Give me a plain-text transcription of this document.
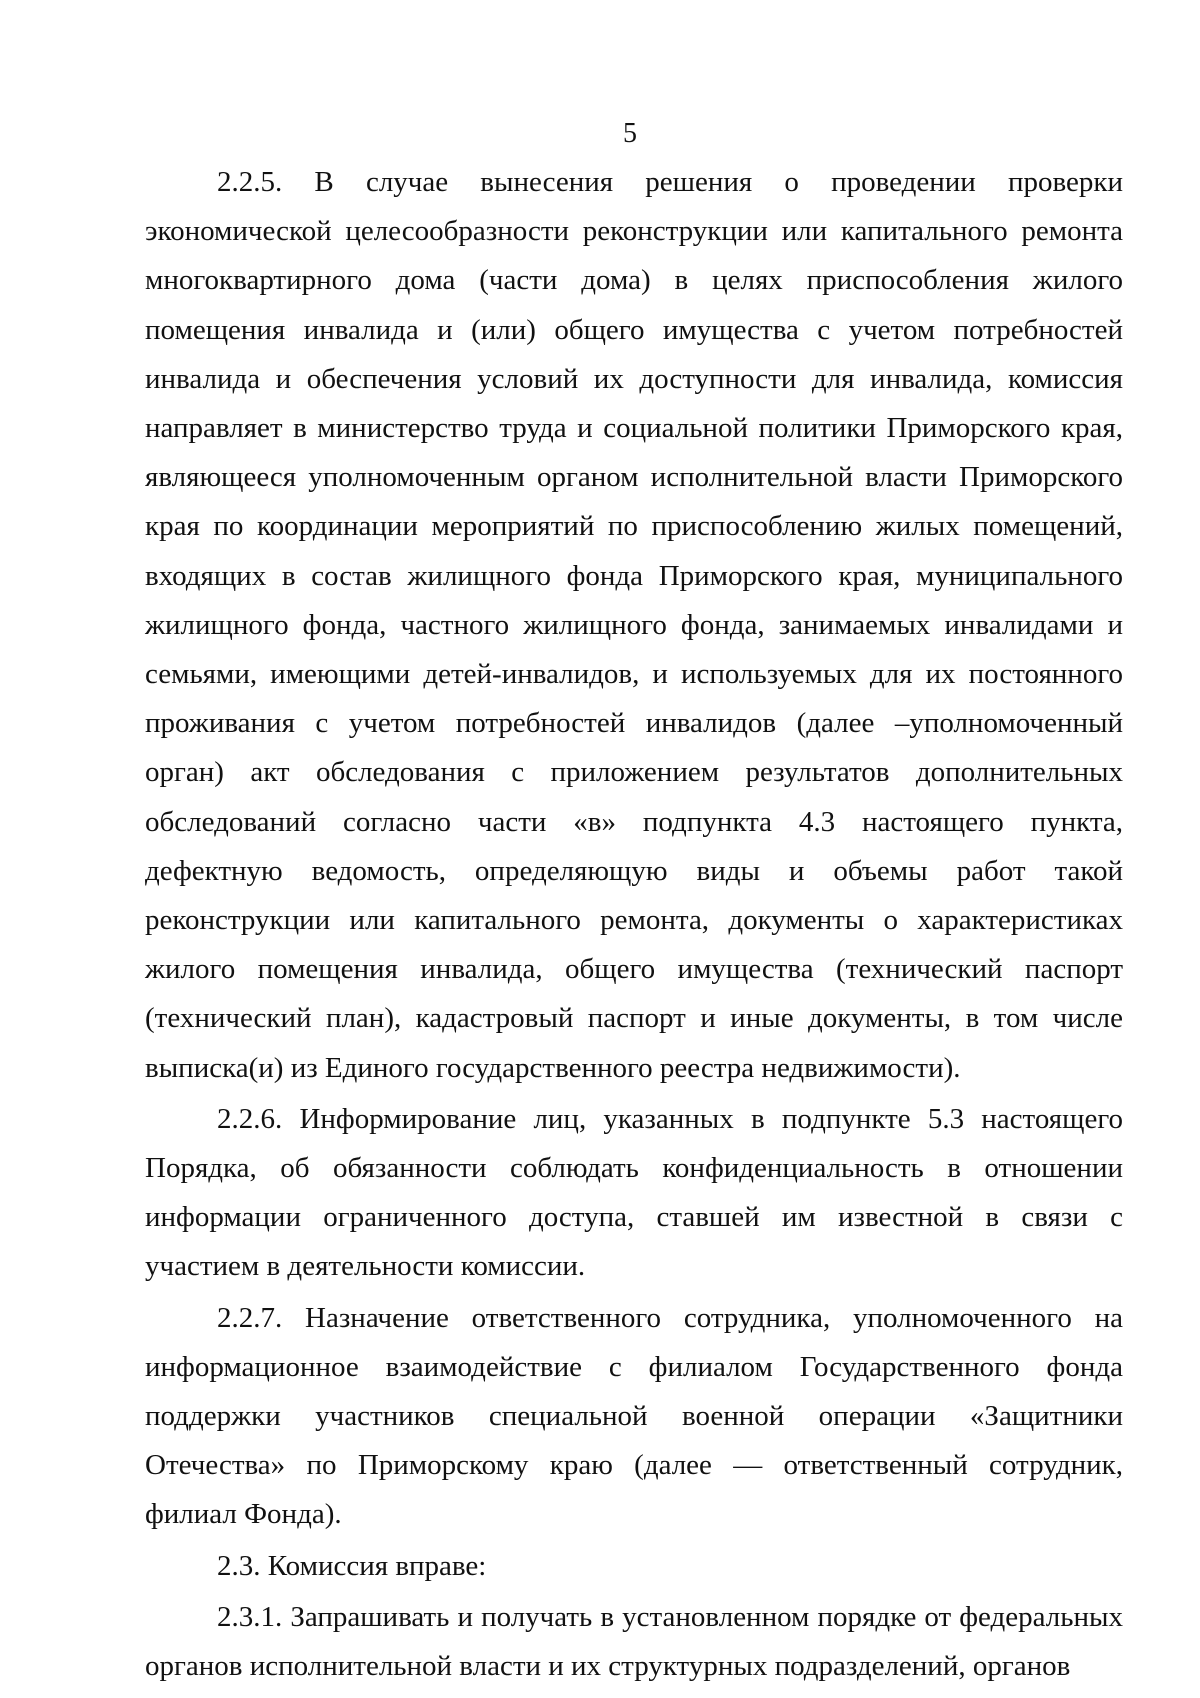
5

2.2.5. В случае вынесения решения о проведении проверки экономической целесообразности реконструкции или капитального ремонта многоквартирного дома (части дома) в целях приспособления жилого помещения инвалида и (или) общего имущества с учетом потребностей инвалида и обеспечения условий их доступности для инвалида, комиссия направляет в министерство труда и социальной политики Приморского края, являющееся уполномоченным органом исполнительной власти Приморского края по координации мероприятий по приспособлению жилых помещений, входящих в состав жилищного фонда Приморского края, муниципального жилищного фонда, частного жилищного фонда, занимаемых инвалидами и семьями, имеющими детей-инвалидов, и используемых для их постоянного проживания с учетом потребностей инвалидов (далее –уполномоченный орган) акт обследования с приложением результатов дополнительных обследований согласно части «в» подпункта 4.3 настоящего пункта, дефектную ведомость, определяющую виды и объемы работ такой реконструкции или капитального ремонта, документы о характеристиках жилого помещения инвалида, общего имущества (технический паспорт (технический план), кадастровый паспорт и иные документы, в том числе выписка(и) из Единого государственного реестра недвижимости).

2.2.6. Информирование лиц, указанных в подпункте 5.3 настоящего Порядка, об обязанности соблюдать конфиденциальность в отношении информации ограниченного доступа, ставшей им известной в связи с участием в деятельности комиссии.

2.2.7. Назначение ответственного сотрудника, уполномоченного на информационное взаимодействие с филиалом Государственного фонда поддержки участников специальной военной операции «Защитники Отечества» по Приморскому краю (далее — ответственный сотрудник, филиал Фонда).

2.3. Комиссия вправе:

2.3.1. Запрашивать и получать в установленном порядке от федеральных органов исполнительной власти и их структурных подразделений, органов
